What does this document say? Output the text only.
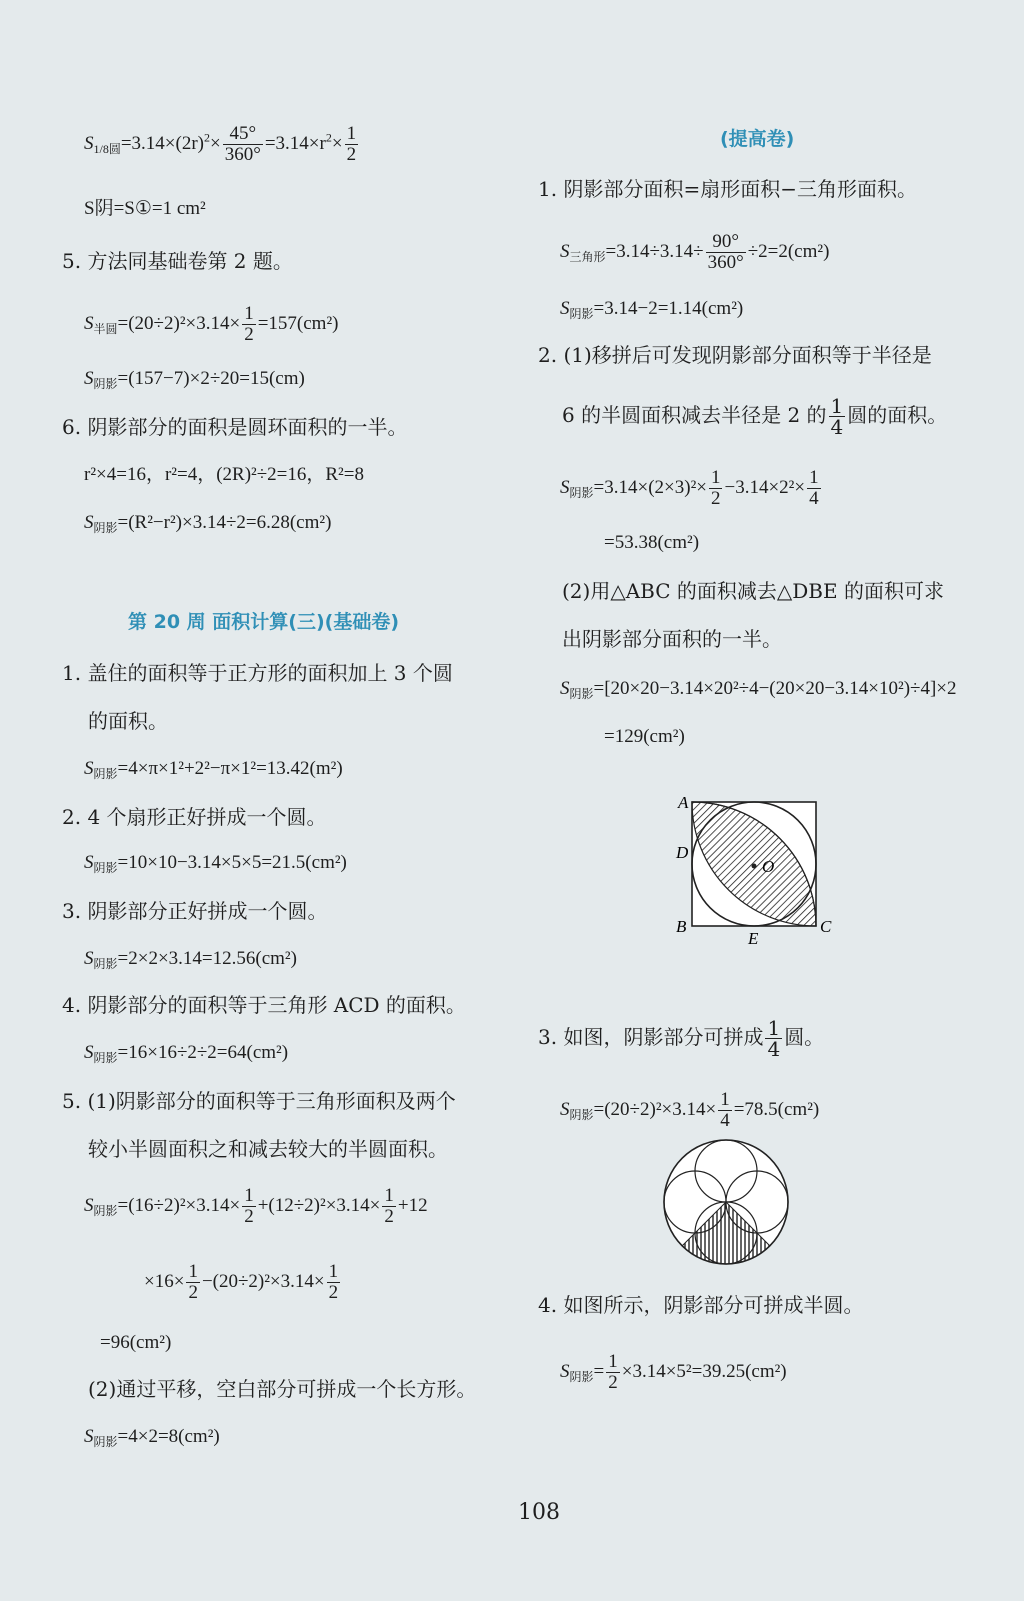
$S_{1/8圆}=3.14\times(2r)^2\times \frac{45^\circ}{360^\circ} =3.14\times r^2\times \frac{1}{2}$
S阴=S①=1 cm²
5. 方法同基础卷第 2 题。
$S_{半圆}=(20\div 2)^2\times 3.14\times \frac{1}{2} =157(cm^2)$
$S_{阴影}=(157-7)\times 2\div 20=15(cm)$
6. 阴影部分的面积是圆环面积的一半。
r²×4=16，r²=4，(2R)²÷2=16，R²=8
$S_{阴影}=(R^2-r^2)\times 3.14\div 2=6.28(cm^2)$
第 20 周 面积计算(三)(基础卷)
1. 盖住的面积等于正方形的面积加上 3 个圆
的面积。
$S_{阴影}=4\times\pi\times 1^2+2^2-\pi\times 1^2=13.42(m^2)$
2. 4 个扇形正好拼成一个圆。
$S_{阴影}=10\times 10-3.14\times 5\times 5=21.5(cm^2)$
3. 阴影部分正好拼成一个圆。
$S_{阴影}=2\times 2\times 3.14=12.56(cm^2)$
4. 阴影部分的面积等于三角形 ACD 的面积。
$S_{阴影}=16\times 16\div 2\div 2=64(cm^2)$
5. (1)阴影部分的面积等于三角形面积及两个
较小半圆面积之和减去较大的半圆面积。
$S_{阴影}=(16\div 2)^2\times 3.14\times \frac{1}{2} +(12\div 2)^2\times 3.14\times \frac{1}{2} +12$
$\times 16\times \frac{1}{2} -(20\div 2)^2\times 3.14\times \frac{1}{2}$
=96(cm²)
(2)通过平移，空白部分可拼成一个长方形。
$S_{阴影}=4\times 2=8(cm^2)$
(提高卷)
1. 阴影部分面积=扇形面积−三角形面积。
$S_{三角形}=3.14\div 3.14\div \frac{90^\circ}{360^\circ} \div 2=2(cm^2)$
$S_{阴影}=3.14-2=1.14(cm^2)$
2. (1)移拼后可发现阴影部分面积等于半径是
6 的半圆面积减去半径是 2 的 $\frac{1}{4}$ 圆的面积。
$S_{阴影}=3.14\times(2\times 3)^2\times \frac{1}{2} -3.14\times 2^2\times \frac{1}{4}$
=53.38(cm²)
(2)用△ABC 的面积减去△DBE 的面积可求
出阴影部分面积的一半。
$S_{阴影}=[20\times 20-3.14\times 20^2\div 4-(20\times 20-3.14\times 10^2)\div 4]\times 2$
=129(cm²)
A
D
B	C
E
O
3. 如图，阴影部分可拼成 $\frac{1}{4}$ 圆。
$S_{阴影}=(20\div 2)^2\times 3.14\times \frac{1}{4} =78.5(cm^2)$
4. 如图所示，阴影部分可拼成半圆。
$S_{阴影}= \frac{1}{2} \times 3.14\times 5^2=39.25(cm^2)$
108
